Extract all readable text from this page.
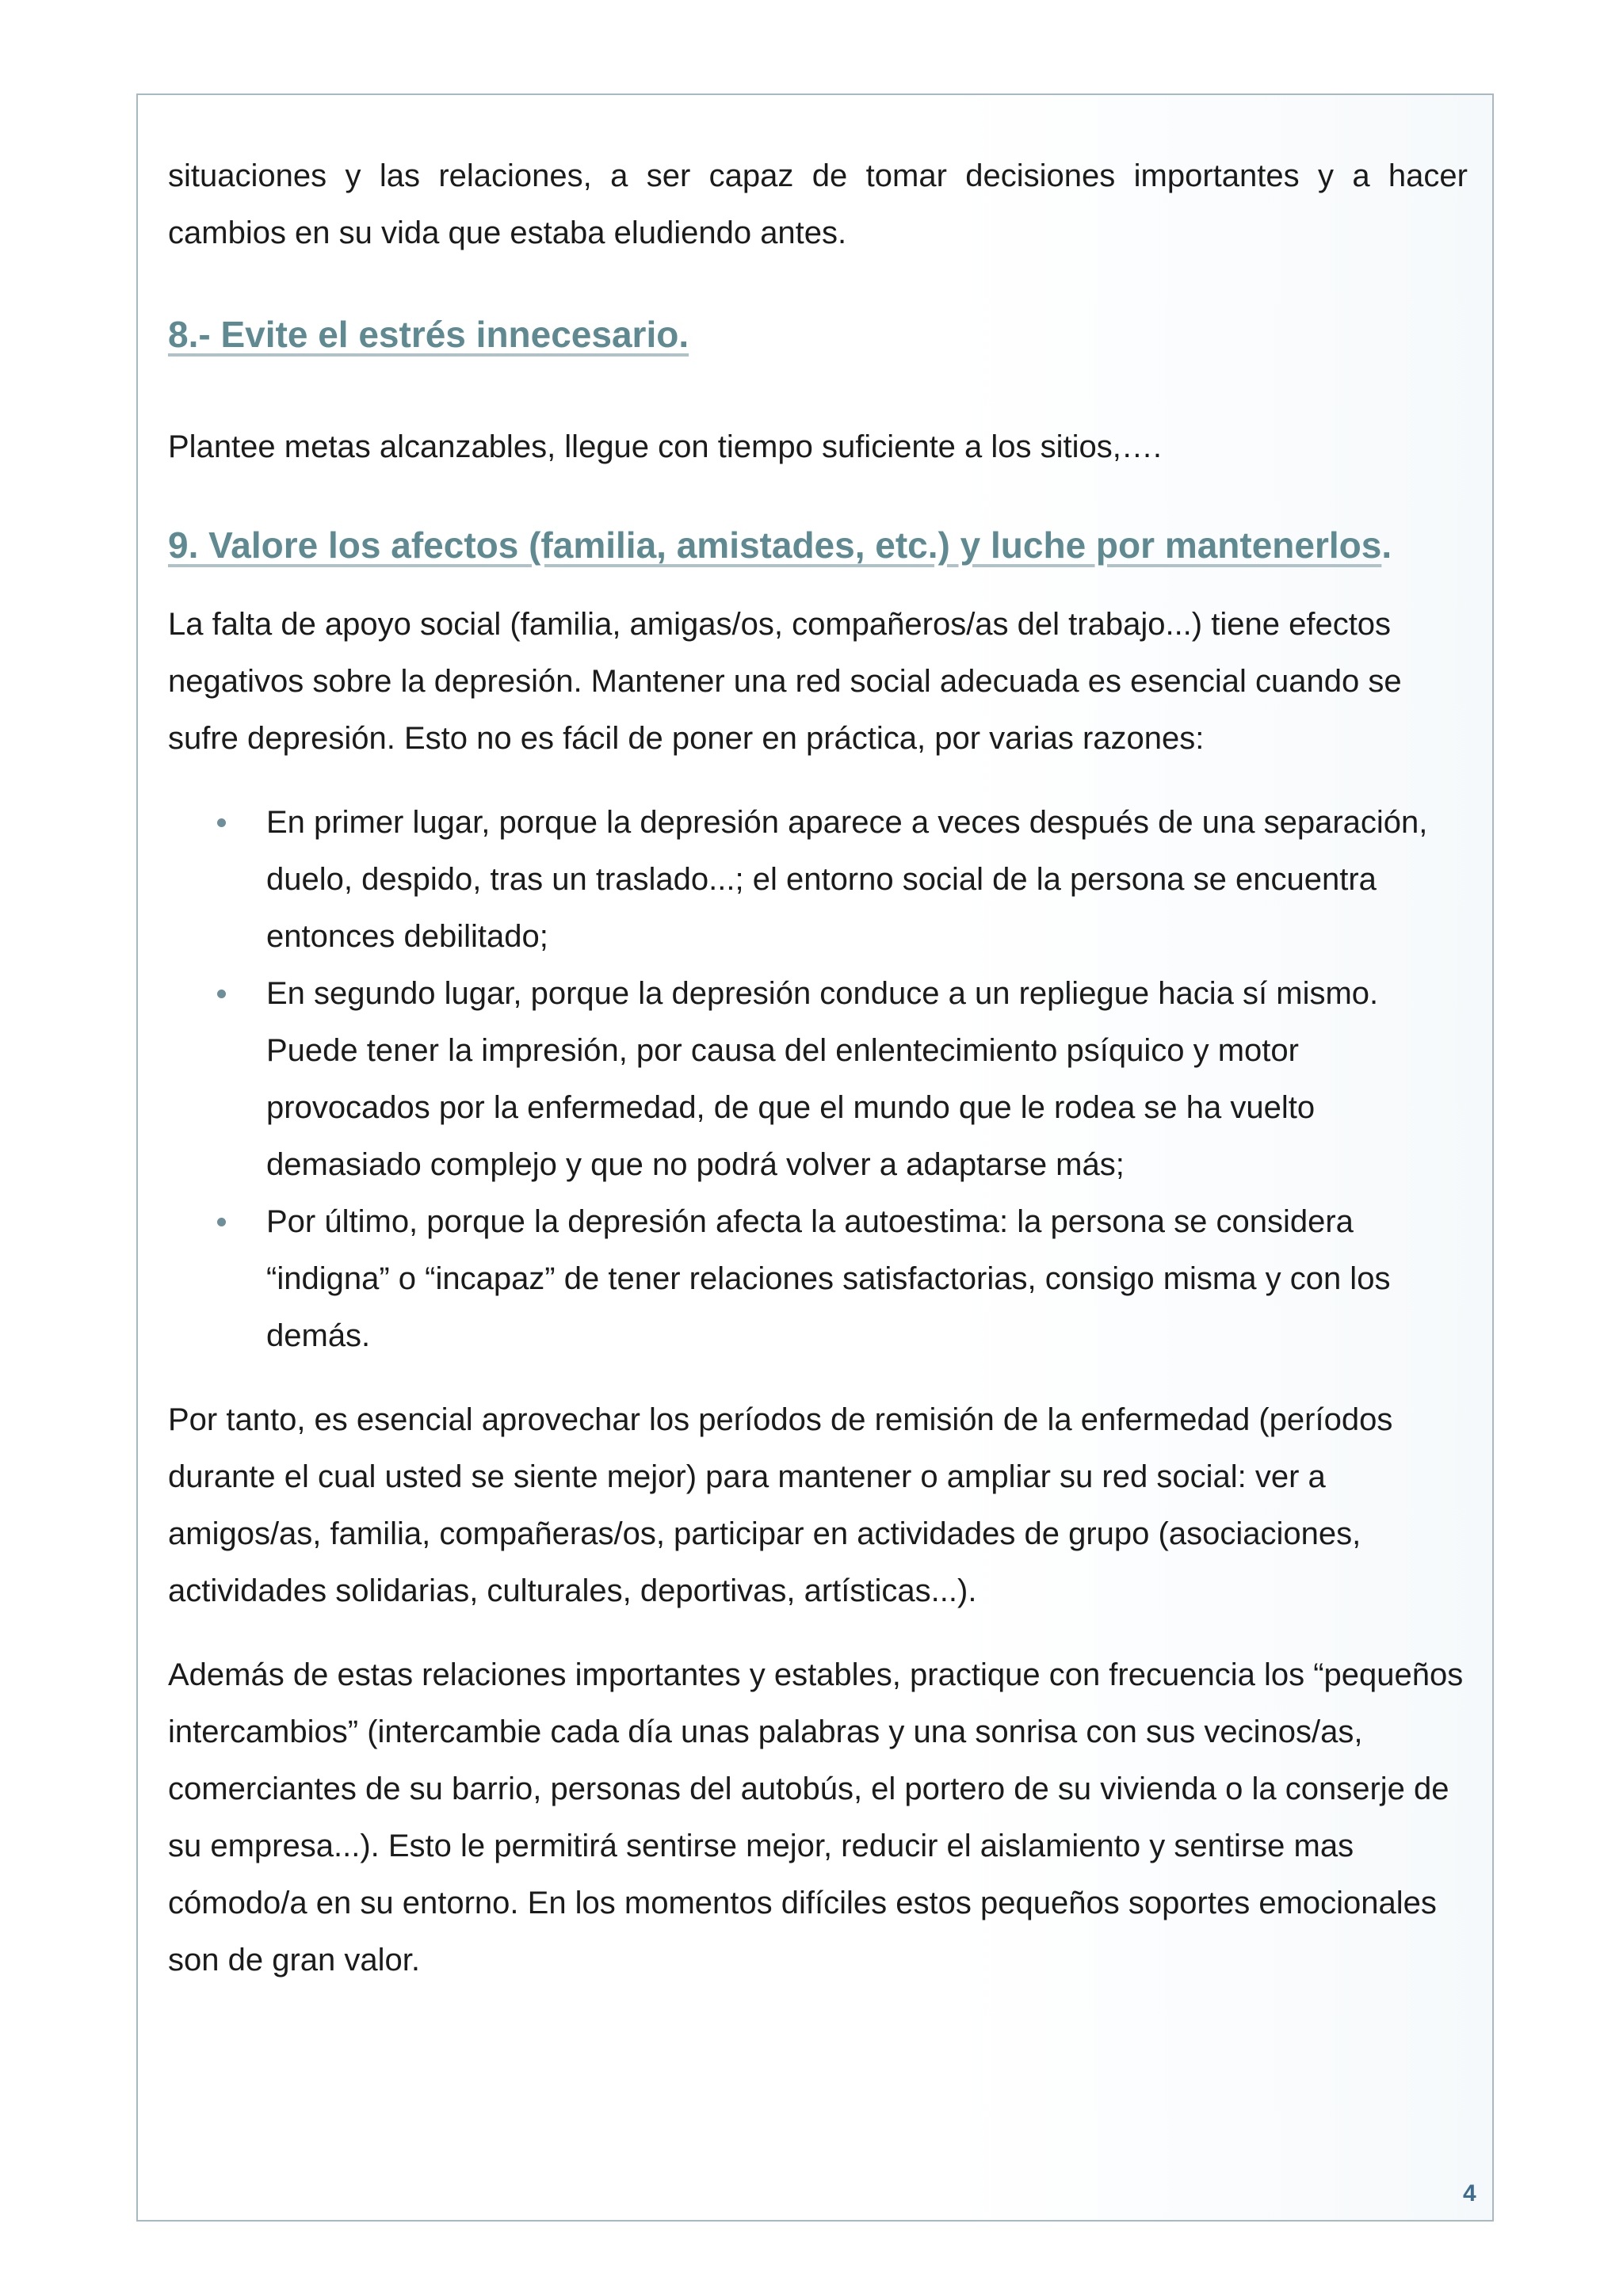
situaciones y las relaciones, a ser capaz de tomar decisiones importantes y a hacer cambios en su vida que estaba eludiendo antes.

8.- Evite el estrés innecesario.

Plantee metas alcanzables, llegue con tiempo suficiente a los sitios,….

9. Valore los afectos (familia, amistades, etc.) y luche por mantenerlos.

La falta de apoyo social (familia, amigas/os, compañeros/as del trabajo...) tiene efectos negativos sobre la depresión. Mantener una red social adecuada es esencial cuando se sufre depresión. Esto no es fácil de poner en práctica, por varias razones:

En primer lugar, porque la depresión aparece a veces después de una separación, duelo, despido, tras un traslado...; el entorno social de la persona se encuentra entonces debilitado;
En segundo lugar, porque la depresión conduce a un repliegue hacia sí mismo. Puede tener la impresión, por causa del enlentecimiento psíquico y motor provocados por la enfermedad, de que el mundo que le rodea se ha vuelto demasiado complejo y que no podrá volver a adaptarse más;
Por último, porque la depresión afecta la autoestima: la persona se considera “indigna” o “incapaz” de tener relaciones satisfactorias, consigo misma y con los demás.

Por tanto, es esencial aprovechar los períodos de remisión de la enfermedad (períodos durante el cual usted se siente mejor) para mantener o ampliar su red social: ver a amigos/as, familia, compañeras/os, participar en actividades de grupo (asociaciones, actividades solidarias, culturales, deportivas, artísticas...).

Además de estas relaciones importantes y estables, practique con frecuencia los “pequeños intercambios” (intercambie cada día unas palabras y una sonrisa con sus vecinos/as, comerciantes de su barrio, personas del autobús, el portero de su vivienda o la conserje de su empresa...). Esto le permitirá sentirse mejor, reducir el aislamiento y sentirse mas cómodo/a en su entorno. En los momentos difíciles estos pequeños soportes emocionales son de gran valor.

4
